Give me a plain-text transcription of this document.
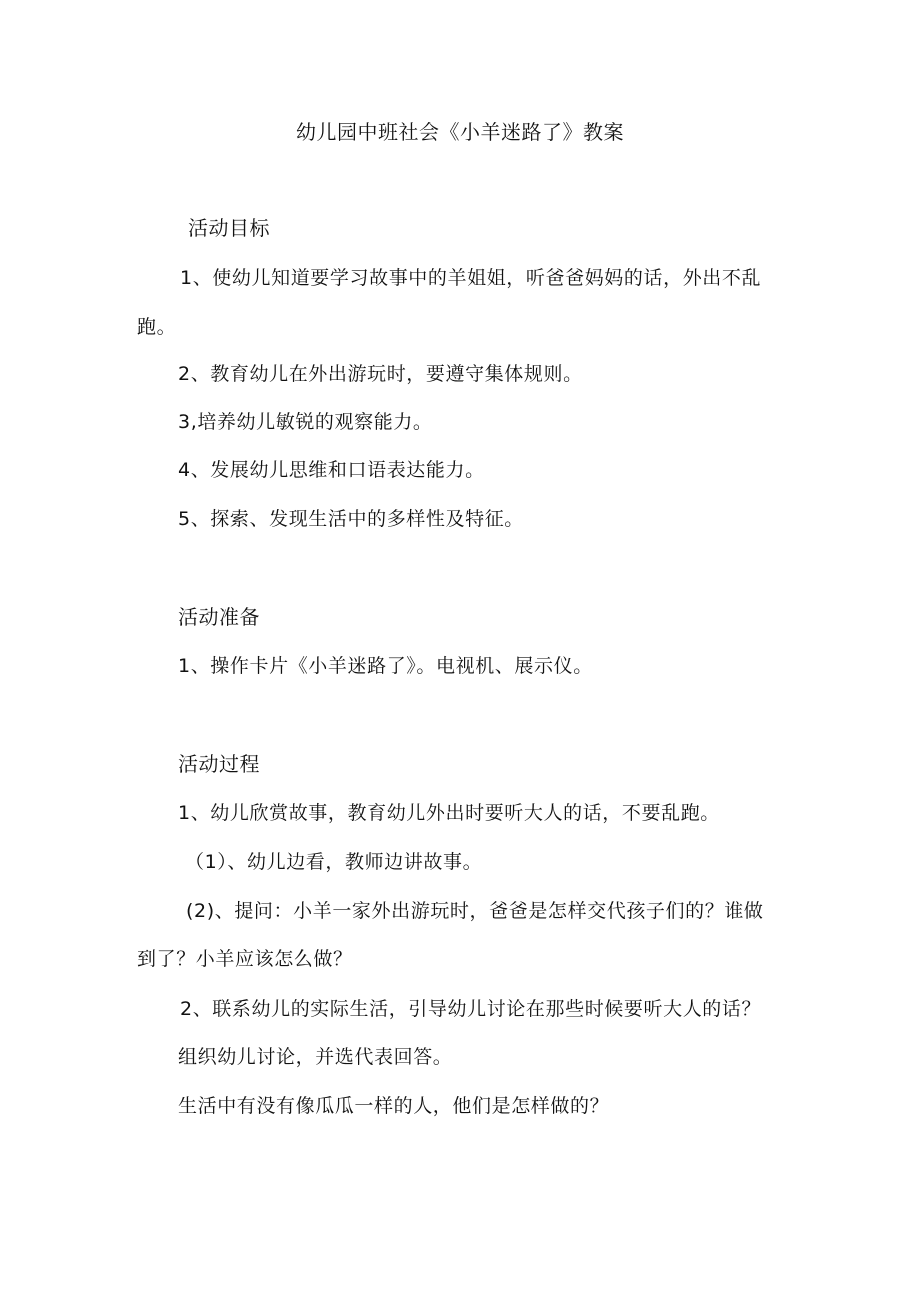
幼儿园中班社会《小羊迷路了》教案
活动目标
1、使幼儿知道要学习故事中的羊姐姐，听爸爸妈妈的话，外出不乱
跑。
2、教育幼儿在外出游玩时，要遵守集体规则。
3,培养幼儿敏锐的观察能力。
4、发展幼儿思维和口语表达能力。
5、探索、发现生活中的多样性及特征。
活动准备
1、操作卡片《小羊迷路了》。电视机、展示仪。
活动过程
1、幼儿欣赏故事，教育幼儿外出时要听大人的话，不要乱跑。
（1）、幼儿边看，教师边讲故事。
(2)、提问：小羊一家外出游玩时，爸爸是怎样交代孩子们的？谁做
到了？小羊应该怎么做？
2、联系幼儿的实际生活，引导幼儿讨论在那些时候要听大人的话？
组织幼儿讨论，并选代表回答。
生活中有没有像瓜瓜一样的人，他们是怎样做的？
